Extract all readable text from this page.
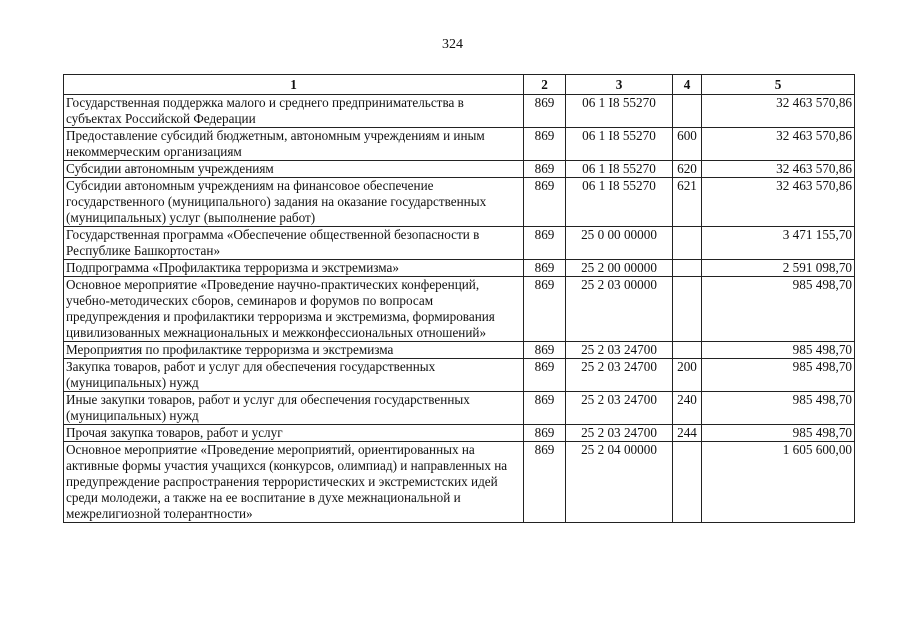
324
1	2	3	4	5
Государственная поддержка малого и среднего предпринимательства в субъектах Российской Федерации	869	06 1 I8 55270		32 463 570,86
Предоставление субсидий бюджетным, автономным учреждениям и иным некоммерческим организациям	869	06 1 I8 55270	600	32 463 570,86
Субсидии автономным учреждениям	869	06 1 I8 55270	620	32 463 570,86
Субсидии автономным учреждениям на финансовое обеспечение государственного (муниципального) задания на оказание государственных (муниципальных) услуг (выполнение работ)	869	06 1 I8 55270	621	32 463 570,86
Государственная программа «Обеспечение общественной безопасности в Республике Башкортостан»	869	25 0 00 00000		3 471 155,70
Подпрограмма «Профилактика терроризма и экстремизма»	869	25 2 00 00000		2 591 098,70
Основное мероприятие «Проведение научно-практических конференций, учебно-методических сборов, семинаров и форумов по вопросам предупреждения и профилактики терроризма и экстремизма, формирования цивилизованных межнациональных и межконфессиональных отношений»	869	25 2 03 00000		985 498,70
Мероприятия по профилактике терроризма и экстремизма	869	25 2 03 24700		985 498,70
Закупка товаров, работ и услуг для обеспечения государственных (муниципальных) нужд	869	25 2 03 24700	200	985 498,70
Иные закупки товаров, работ и услуг для обеспечения государственных (муниципальных) нужд	869	25 2 03 24700	240	985 498,70
Прочая закупка товаров, работ и услуг	869	25 2 03 24700	244	985 498,70
Основное мероприятие «Проведение мероприятий, ориентированных на активные формы участия учащихся (конкурсов, олимпиад) и направленных на предупреждение распространения террористических и экстремистских идей среди молодежи, а также на ее воспитание в духе межнациональной и межрелигиозной толерантности»	869	25 2 04 00000		1 605 600,00
